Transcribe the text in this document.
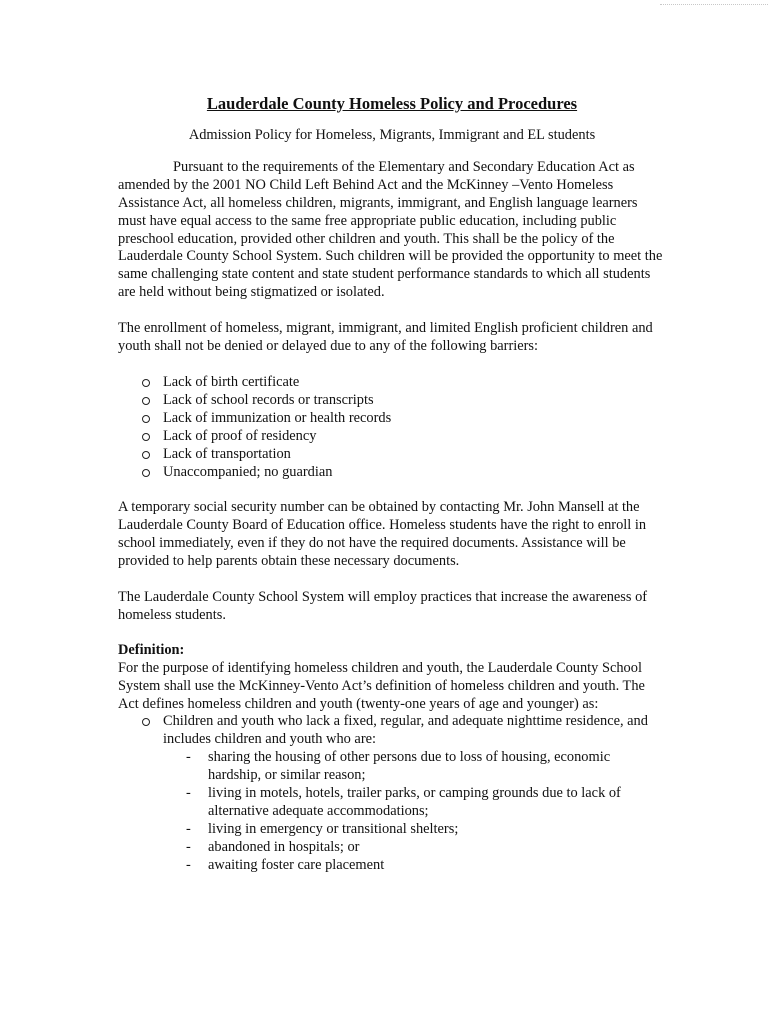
Lauderdale County Homeless Policy and Procedures
Admission Policy for Homeless, Migrants, Immigrant and EL students

Pursuant to the requirements of the Elementary and Secondary Education Act as amended by the 2001 NO Child Left Behind Act and the McKinney –Vento Homeless Assistance Act, all homeless children, migrants, immigrant, and English language learners must have equal access to the same free appropriate public education, including public preschool education, provided other children and youth. This shall be the policy of the Lauderdale County School System. Such children will be provided the opportunity to meet the same challenging state content and state student performance standards to which all students are held without being stigmatized or isolated.

The enrollment of homeless, migrant, immigrant, and limited English proficient children and youth shall not be denied or delayed due to any of the following barriers:

Lack of birth certificate
Lack of school records or transcripts
Lack of immunization or health records
Lack of proof of residency
Lack of transportation
Unaccompanied; no guardian

A temporary social security number can be obtained by contacting Mr. John Mansell at the Lauderdale County Board of Education office. Homeless students have the right to enroll in school immediately, even if they do not have the required documents. Assistance will be provided to help parents obtain these necessary documents.

The Lauderdale County School System will employ practices that increase the awareness of homeless students.

Definition:

For the purpose of identifying homeless children and youth, the Lauderdale County School System shall use the McKinney-Vento Act’s definition of homeless children and youth. The Act defines homeless children and youth (twenty-one years of age and younger) as:

Children and youth who lack a fixed, regular, and adequate nighttime residence, and includes children and youth who are:
- sharing the housing of other persons due to loss of housing, economic hardship, or similar reason;
- living in motels, hotels, trailer parks, or camping grounds due to lack of alternative adequate accommodations;
- living in emergency or transitional shelters;
- abandoned in hospitals; or
- awaiting foster care placement
